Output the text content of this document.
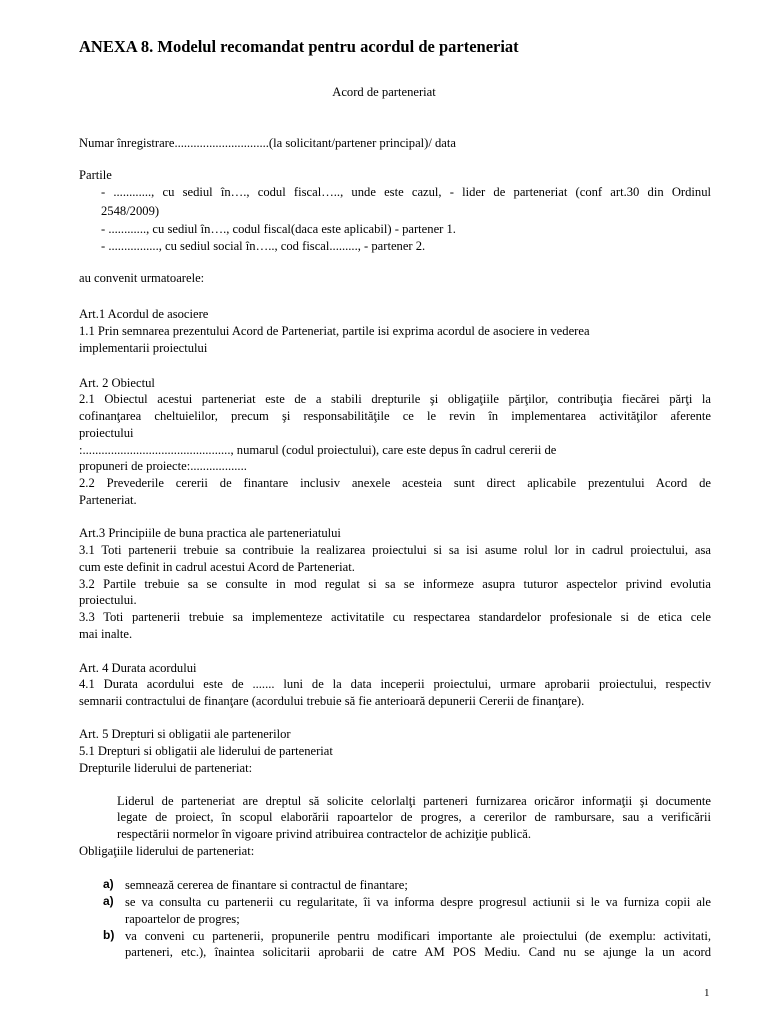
ANEXA 8. Modelul recomandat pentru acordul de parteneriat
Acord de parteneriat
Numar înregistrare..............................(la solicitant/partener principal)/ data
Partile
- ............, cu sediul în…., codul fiscal….., unde este cazul, - lider de parteneriat (conf art.30 din Ordinul
2548/2009)
- ............, cu sediul în…., codul fiscal(daca este aplicabil) - partener 1.
- ................, cu sediul social în….., cod fiscal........., - partener 2.
au convenit urmatoarele:
Art.1 Acordul de asociere
1.1 Prin semnarea prezentului Acord de Parteneriat, partile isi exprima acordul de asociere in vederea
implementarii proiectului
Art. 2 Obiectul
2.1 Obiectul acestui parteneriat este de a stabili drepturile şi obligaţiile părţilor, contribuţia fiecărei părţi la
cofinanţarea cheltuielilor, precum şi responsabilităţile ce le revin în implementarea activităţilor aferente
proiectului
:..............................................., numarul (codul proiectului), care este depus în cadrul cererii de
propuneri de proiecte:..................
2.2 Prevederile cererii de finantare inclusiv anexele acesteia sunt direct aplicabile prezentului Acord de
Parteneriat.
Art.3 Principiile de buna practica ale parteneriatului
3.1 Toti partenerii trebuie sa contribuie la realizarea proiectului si sa isi asume rolul lor in cadrul proiectului, asa
cum este definit in cadrul acestui Acord de Parteneriat.
3.2 Partile trebuie sa se consulte in mod regulat si sa se informeze asupra tuturor aspectelor privind evolutia
proiectului.
3.3 Toti partenerii trebuie sa implementeze activitatile cu respectarea standardelor profesionale si de etica cele
mai inalte.
Art. 4 Durata acordului
4.1 Durata acordului este de ....... luni de la data inceperii proiectului, urmare aprobarii proiectului, respectiv
semnarii contractului de finanţare (acordului trebuie să fie anterioară depunerii Cererii de finanţare).
Art. 5 Drepturi si obligatii ale partenerilor
5.1 Drepturi si obligatii ale liderului de parteneriat
Drepturile liderului de parteneriat:
Liderul de parteneriat are dreptul să solicite celorlalţi parteneri furnizarea oricăror informaţii şi documente
legate de proiect, în scopul elaborării rapoartelor de progres, a cererilor de rambursare, sau a verificării
respectării normelor în vigoare privind atribuirea contractelor de achiziţie publică.
Obligaţiile liderului de parteneriat:
a) semnează cererea de finantare si contractul de finantare;
a) se va consulta cu partenerii cu regularitate, îi va informa despre progresul actiunii si le va furniza copii ale
rapoartelor de progres;
b) va conveni cu partenerii, propunerile pentru modificari importante ale proiectului (de exemplu: activitati,
parteneri, etc.), înaintea solicitarii aprobarii de catre AM POS Mediu. Cand nu se ajunge la un acord
1
